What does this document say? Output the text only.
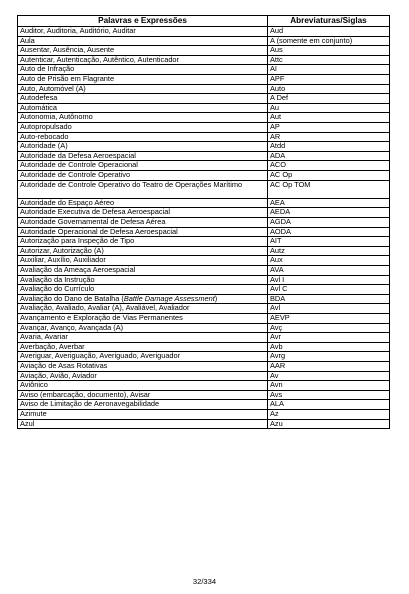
Palavras e Expressões	Abreviaturas/Siglas
Auditor, Auditoria, Auditório, Auditar	Aud
Aula	A (somente em conjunto)
Ausentar, Ausência, Ausente	Aus
Autenticar, Autenticação, Autêntico, Autenticador	Attc
Auto de Infração	AI
Auto de Prisão em Flagrante	APF
Auto, Automóvel (A)	Auto
Autodefesa	A Def
Automática	Au
Autonomia, Autônomo	Aut
Autopropulsado	AP
Auto-rebocado	AR
Autoridade (A)	Atdd
Autoridade da Defesa Aeroespacial	ADA
Autoridade de Controle Operacional	ACO
Autoridade de Controle Operativo	AC Op
Autoridade de Controle Operativo do Teatro de Operações Marítimo	AC Op TOM
Autoridade do Espaço Aéreo	AEA
Autoridade Executiva de Defesa Aeroespacial	AEDA
Autoridade Governamental de Defesa Aérea	AGDA
Autoridade Operacional de Defesa Aeroespacial	AODA
Autorização para Inspeção de Tipo	AIT
Autorizar, Autorização (A)	Autz
Auxiliar, Auxílio, Auxiliador	Aux
Avaliação da Ameaça Aeroespacial	AVA
Avaliação da Instrução	Avl I
Avaliação do Currículo	Avl C
Avaliação do Dano de Batalha (Battle Damage Assessment)	BDA
Avaliação, Avaliado, Avaliar (A), Avaliável, Avaliador	Avl
Avançamento e Exploração de Vias Permanentes	AEVP
Avançar, Avanço, Avançada (A)	Avç
Avaria, Avariar	Avr
Averbação, Averbar	Avb
Averiguar, Averiguação, Averiguado, Averiguador	Avrg
Aviação de Asas Rotativas	AAR
Aviação, Avião, Aviador	Av
Aviônico	Avn
Aviso (embarcação, documento), Avisar	Avs
Aviso de Limitação de Aeronavegabilidade	ALA
Azimute	Az
Azul	Azu
32/334
